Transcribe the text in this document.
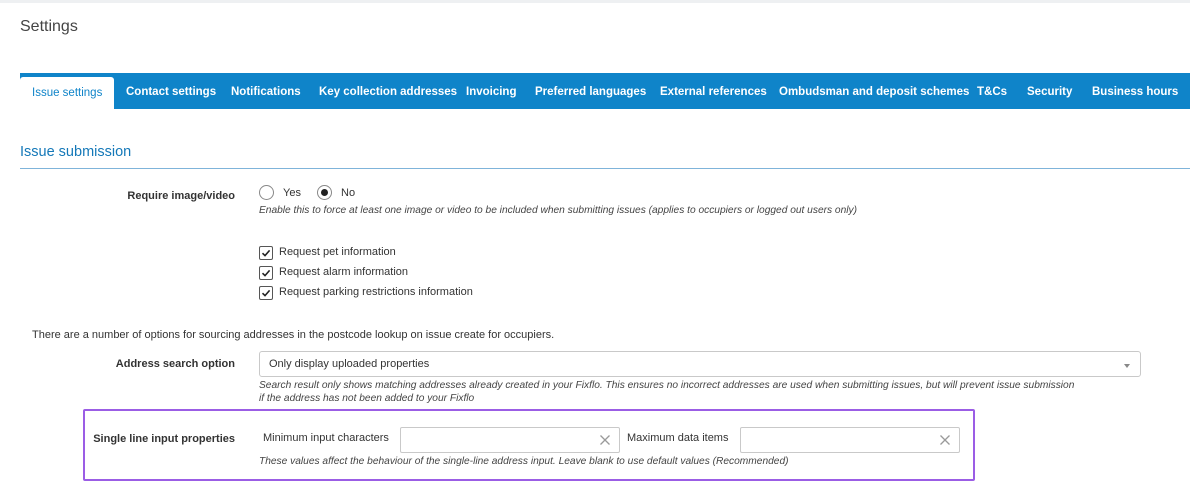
Settings
Issue settings	Contact settings Notifications Key collection addresses Invoicing Preferred languages External references Ombudsman and deposit schemes T&Cs Security Business hours
Issue submission
Require image/video	Yes	No
Enable this to force at least one image or video to be included when submitting issues (applies to occupiers or logged out users only)
Request pet information
Request alarm information
Request parking restrictions information
There are a number of options for sourcing addresses in the postcode lookup on issue create for occupiers.
Address search option	Only display uploaded properties
Search result only shows matching addresses already created in your Fixflo. This ensures no incorrect addresses are used when submitting issues, but will prevent issue submission
if the address has not been added to your Fixflo
Single line input properties	Minimum input characters	Maximum data items
These values affect the behaviour of the single-line address input. Leave blank to use default values (Recommended)
